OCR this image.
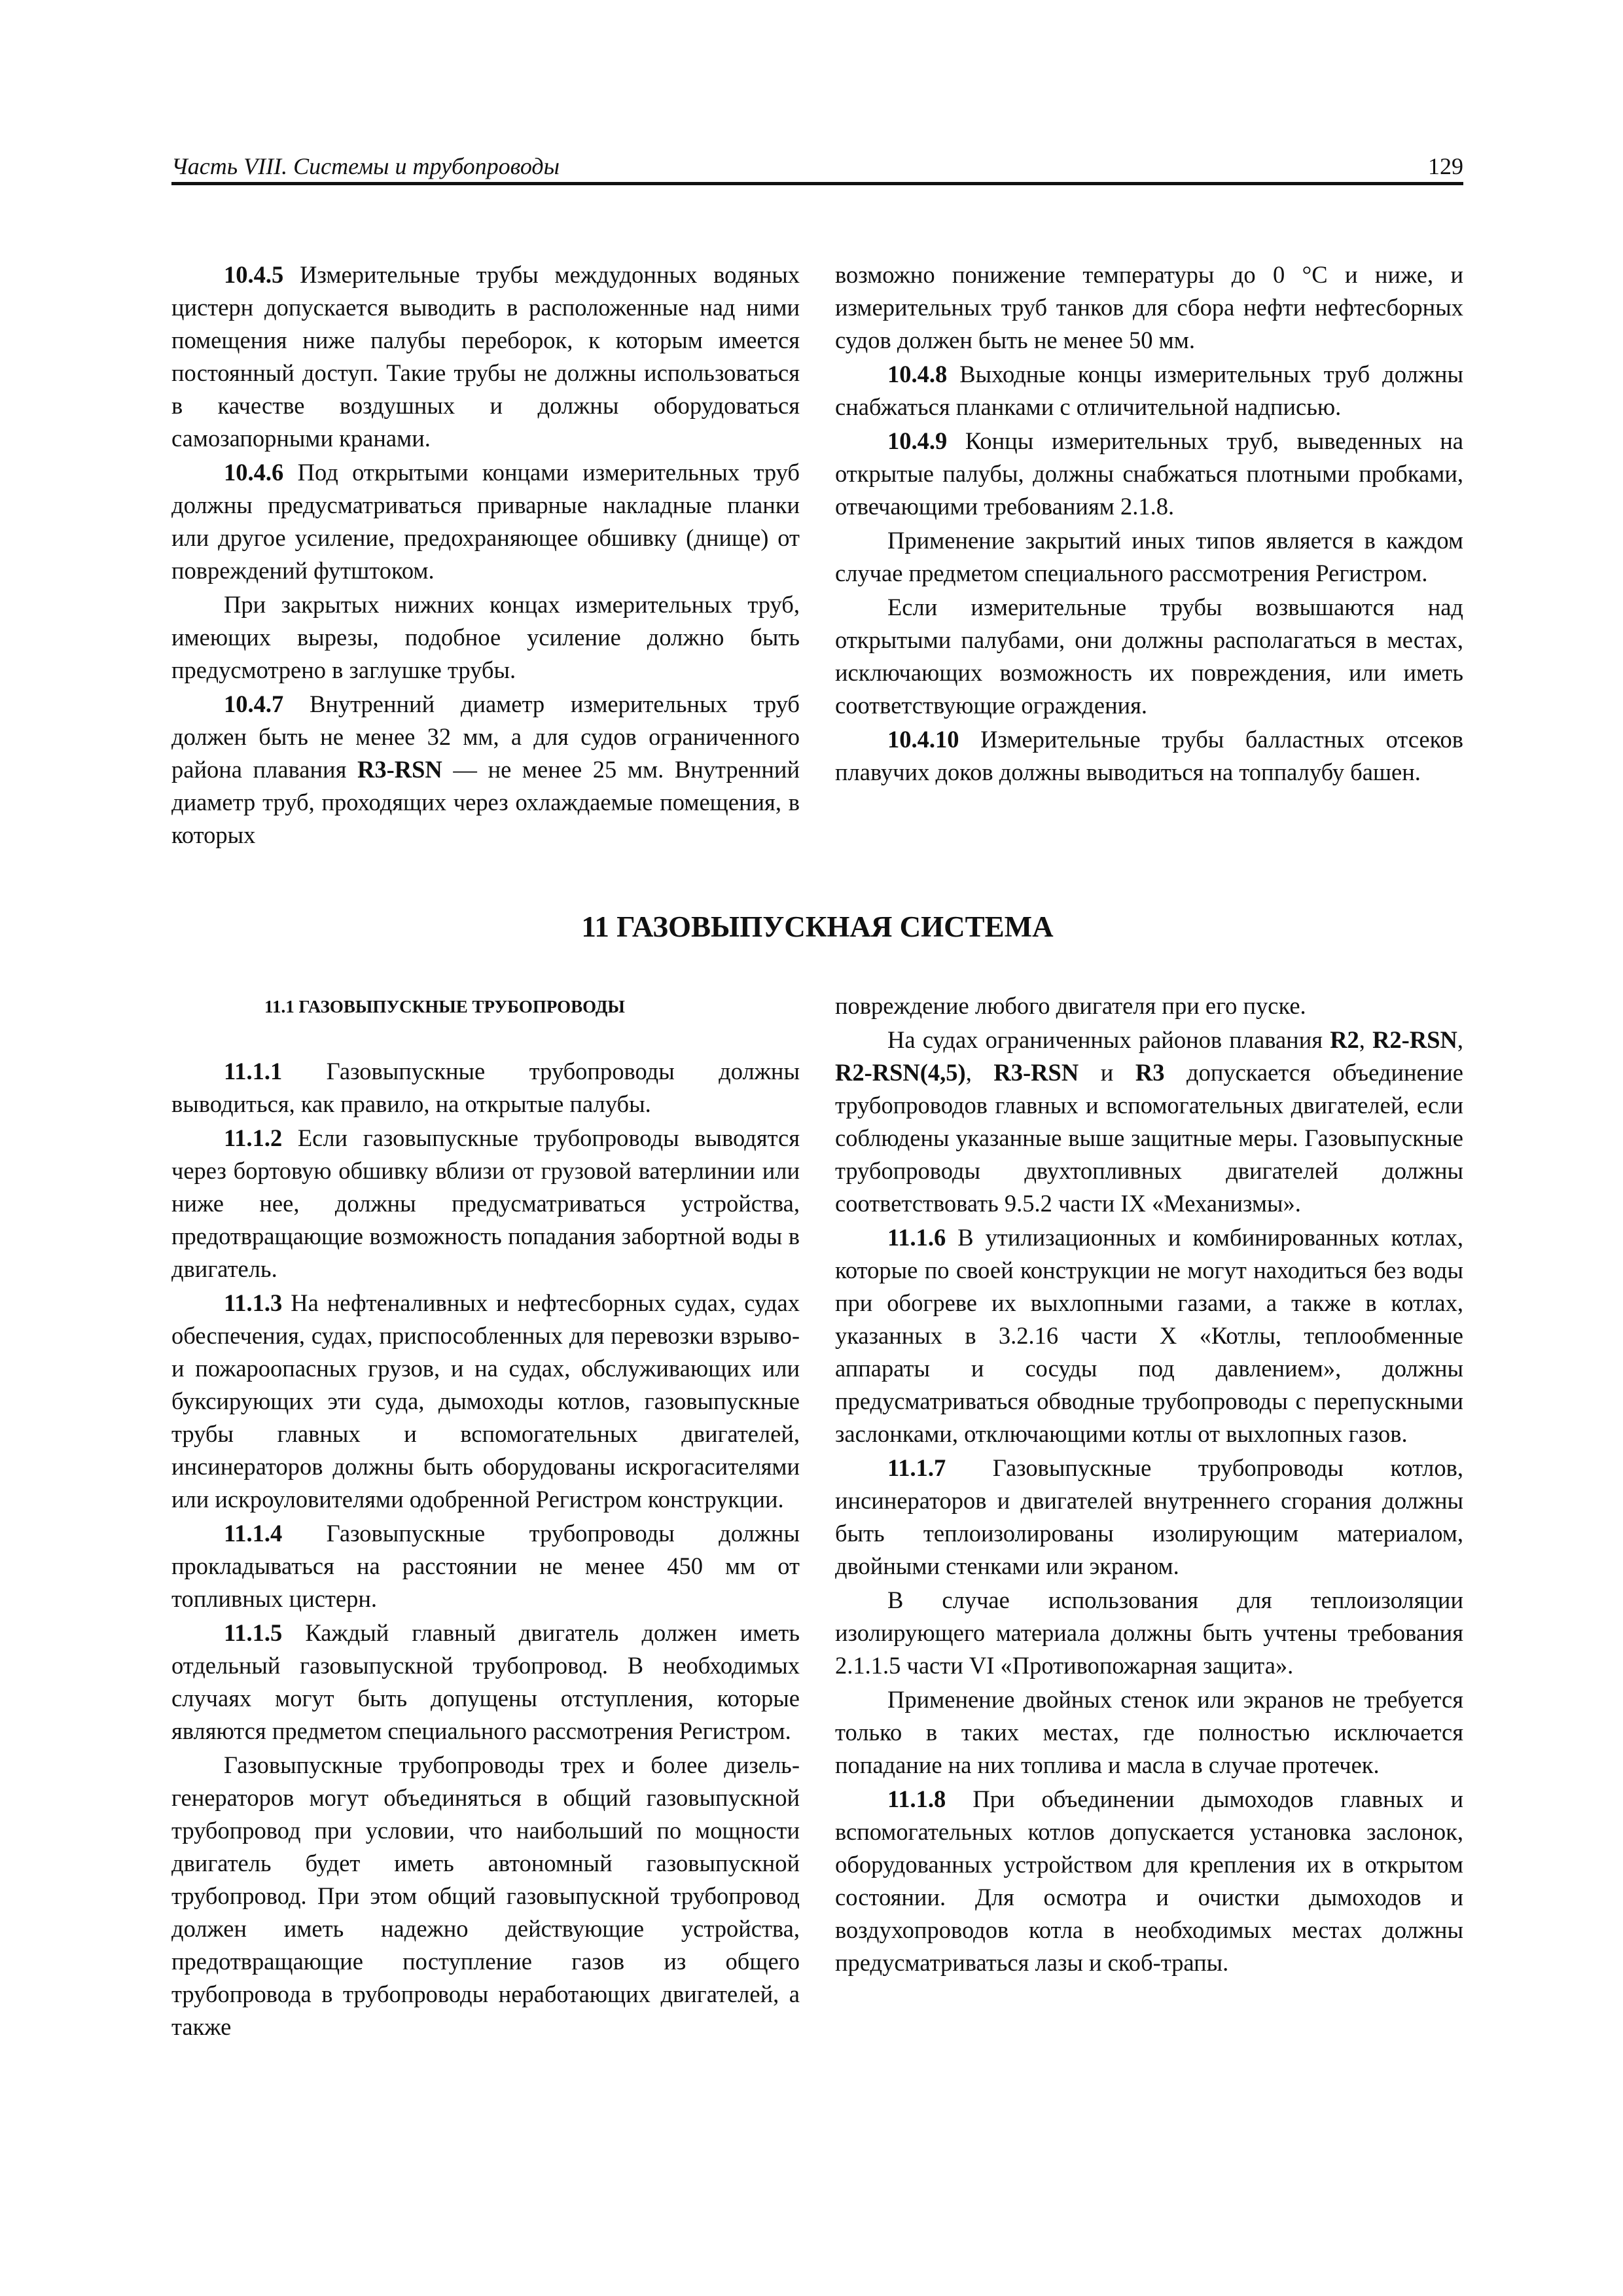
Часть VIII. Системы и трубопроводы	129

10.4.5 Измерительные трубы междудонных водяных цистерн допускается выводить в расположенные над ними помещения ниже палубы переборок, к которым имеется постоянный доступ. Такие трубы не должны использоваться в качестве воздушных и должны оборудоваться самозапорными кранами.

10.4.6 Под открытыми концами измерительных труб должны предусматриваться приварные накладные планки или другое усиление, предохраняющее обшивку (днище) от повреждений футштоком.

При закрытых нижних концах измерительных труб, имеющих вырезы, подобное усиление должно быть предусмотрено в заглушке трубы.

10.4.7 Внутренний диаметр измерительных труб должен быть не менее 32 мм, а для судов ограниченного района плавания R3-RSN — не менее 25 мм. Внутренний диаметр труб, проходящих через охлаждаемые помещения, в которых

возможно понижение температуры до 0 °С и ниже, и измерительных труб танков для сбора нефти нефтесборных судов должен быть не менее 50 мм.

10.4.8 Выходные концы измерительных труб должны снабжаться планками с отличительной надписью.

10.4.9 Концы измерительных труб, выведенных на открытые палубы, должны снабжаться плотными пробками, отвечающими требованиям 2.1.8.

Применение закрытий иных типов является в каждом случае предметом специального рассмотрения Регистром.

Если измерительные трубы возвышаются над открытыми палубами, они должны располагаться в местах, исключающих возможность их повреждения, или иметь соответствующие ограждения.

10.4.10 Измерительные трубы балластных отсеков плавучих доков должны выводиться на топпалубу башен.

11 ГАЗОВЫПУСКНАЯ СИСТЕМА

11.1 ГАЗОВЫПУСКНЫЕ ТРУБОПРОВОДЫ

11.1.1 Газовыпускные трубопроводы должны выводиться, как правило, на открытые палубы.

11.1.2 Если газовыпускные трубопроводы выводятся через бортовую обшивку вблизи от грузовой ватерлинии или ниже нее, должны предусматриваться устройства, предотвращающие возможность попадания забортной воды в двигатель.

11.1.3 На нефтеналивных и нефтесборных судах, судах обеспечения, судах, приспособленных для перевозки взрыво- и пожароопасных грузов, и на судах, обслуживающих или буксирующих эти суда, дымоходы котлов, газовыпускные трубы главных и вспомогательных двигателей, инсинераторов должны быть оборудованы искрогасителями или искроуловителями одобренной Регистром конструкции.

11.1.4 Газовыпускные трубопроводы должны прокладываться на расстоянии не менее 450 мм от топливных цистерн.

11.1.5 Каждый главный двигатель должен иметь отдельный газовыпускной трубопровод. В необходимых случаях могут быть допущены отступления, которые являются предметом специального рассмотрения Регистром.

Газовыпускные трубопроводы трех и более дизель-генераторов могут объединяться в общий газовыпускной трубопровод при условии, что наибольший по мощности двигатель будет иметь автономный газовыпускной трубопровод. При этом общий газовыпускной трубопровод должен иметь надежно действующие устройства, предотвращающие поступление газов из общего трубопровода в трубопроводы неработающих двигателей, а также

повреждение любого двигателя при его пуске.

На судах ограниченных районов плавания R2, R2-RSN, R2-RSN(4,5), R3-RSN и R3 допускается объединение трубопроводов главных и вспомогательных двигателей, если соблюдены указанные выше защитные меры. Газовыпускные трубопроводы двухтопливных двигателей должны соответствовать 9.5.2 части IX «Механизмы».

11.1.6 В утилизационных и комбинированных котлах, которые по своей конструкции не могут находиться без воды при обогреве их выхлопными газами, а также в котлах, указанных в 3.2.16 части X «Котлы, теплообменные аппараты и сосуды под давлением», должны предусматриваться обводные трубопроводы с перепускными заслонками, отключающими котлы от выхлопных газов.

11.1.7 Газовыпускные трубопроводы котлов, инсинераторов и двигателей внутреннего сгорания должны быть теплоизолированы изолирующим материалом, двойными стенками или экраном.

В случае использования для теплоизоляции изолирующего материала должны быть учтены требования 2.1.1.5 части VI «Противопожарная защита».

Применение двойных стенок или экранов не требуется только в таких местах, где полностью исключается попадание на них топлива и масла в случае протечек.

11.1.8 При объединении дымоходов главных и вспомогательных котлов допускается установка заслонок, оборудованных устройством для крепления их в открытом состоянии. Для осмотра и очистки дымоходов и воздухопроводов котла в необходимых местах должны предусматриваться лазы и скоб-трапы.
